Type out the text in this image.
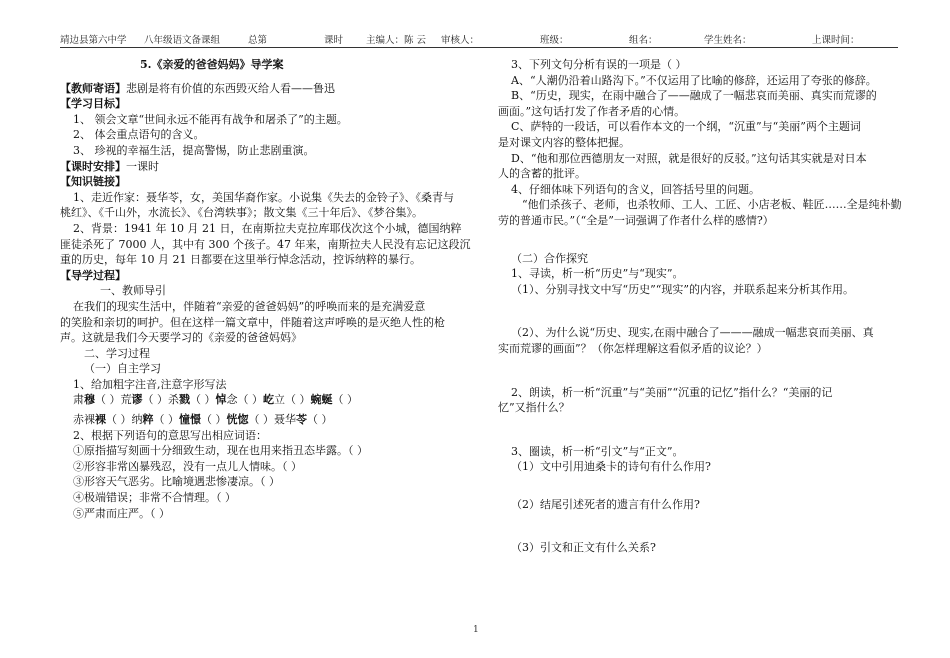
靖边县第六中学 八年级语文备课组	总第	课时 主编人：陈 云 审核人：	班级：	组名：	学生姓名：	上课时间：

5.《亲爱的爸爸妈妈》导学案

【教师寄语】悲剧是将有价值的东西毁灭给人看——鲁迅

【学习目标】

1、 领会文章“世间永远不能再有战争和屠杀了”的主题。

2、 体会重点语句的含义。

3、 珍视的幸福生活，提高警惕，防止悲剧重演。

【课时安排】一课时

【知识链接】

1、走近作家：聂华苓，女，美国华裔作家。小说集《失去的金铃子》、《桑青与

桃红》、《千山外，水流长》、《台湾轶事》；散文集《三十年后》、《梦谷集》。

2、背景：1941 年 10 月 21 日，在南斯拉夫克拉库耶伐次这个小城，德国纳粹

匪徒杀死了 7000 人，其中有 300 个孩子。47 年来，南斯拉夫人民没有忘记这段沉

重的历史，每年 10 月 21 日都要在这里举行悼念活动，控诉纳粹的暴行。

【导学过程】

一、教师导引

在我们的现实生活中，伴随着“亲爱的爸爸妈妈”的呼唤而来的是充满爱意

的笑脸和亲切的呵护。但在这样一篇文章中，伴随着这声呼唤的是灭绝人性的枪

声。这就是我们今天要学习的《亲爱的爸爸妈妈》

二、学习过程

（一）自主学习

1、给加粗字注音,注意字形写法

肃 穆 （ ）荒 谬 （ ）杀 戮 （ ） 悼 念（ ） 屹 立（ ） 蜿蜒 （ ）

赤裸 裸 （ ）纳 粹 （ ） 憧憬 （ ） 恍惚 （ ）聂华 苓 （ ）

2、根据下列语句的意思写出相应词语：

①原指描写刻画十分细致生动，现在也用来指丑态毕露。（ ）

②形容非常凶暴残忍，没有一点儿人情味。（ ）

③形容天气恶劣。比喻境遇悲惨凄凉。（ ）

④极端错误；非常不合情理。（ ）

⑤严肃而庄严。（ ）

3、下列文句分析有误的一项是（ ）

A、“人潮仍沿着山路沟下。”不仅运用了比喻的修辞，还运用了夸张的修辞。

B、“历史，现实，在雨中融合了——融成了一幅悲哀而美丽、真实而荒谬的

画面。”这句话打发了作者矛盾的心情。

C、萨特的一段话，可以看作本文的一个纲，“沉重”与“美丽”两个主题词

是对课文内容的整体把握。

D、“他和那位西德朋友一对照，就是很好的反驳。”这句话其实就是对日本

人的含蓄的批评。

4、仔细体味下列语句的含义，回答括号里的问题。

“他们杀孩子、老师，也杀牧师、工人、工匠、小店老板、鞋匠……全是纯朴勤

劳的普通市民。”（“全是”一词强调了作者什么样的感情?）

（二）合作探究

1、寻读，析一析“历史”与“现实”。

（1）、分别寻找文中写“历史”“现实”的内容，并联系起来分析其作用。

（2）、为什么说“历史、现实,在雨中融合了———融成一幅悲哀而美丽、真

实而荒谬的画面”？（你怎样理解这看似矛盾的议论？）

2、朗读，析一析“沉重”与“美丽”“沉重的记忆”指什么？“美丽的记

忆”又指什么？

3、圈读，析一析“引文”与“正文”。

（1）文中引用迪桑卡的诗句有什么作用?

（2）结尾引述死者的遗言有什么作用?

（3）引文和正文有什么关系?

1
